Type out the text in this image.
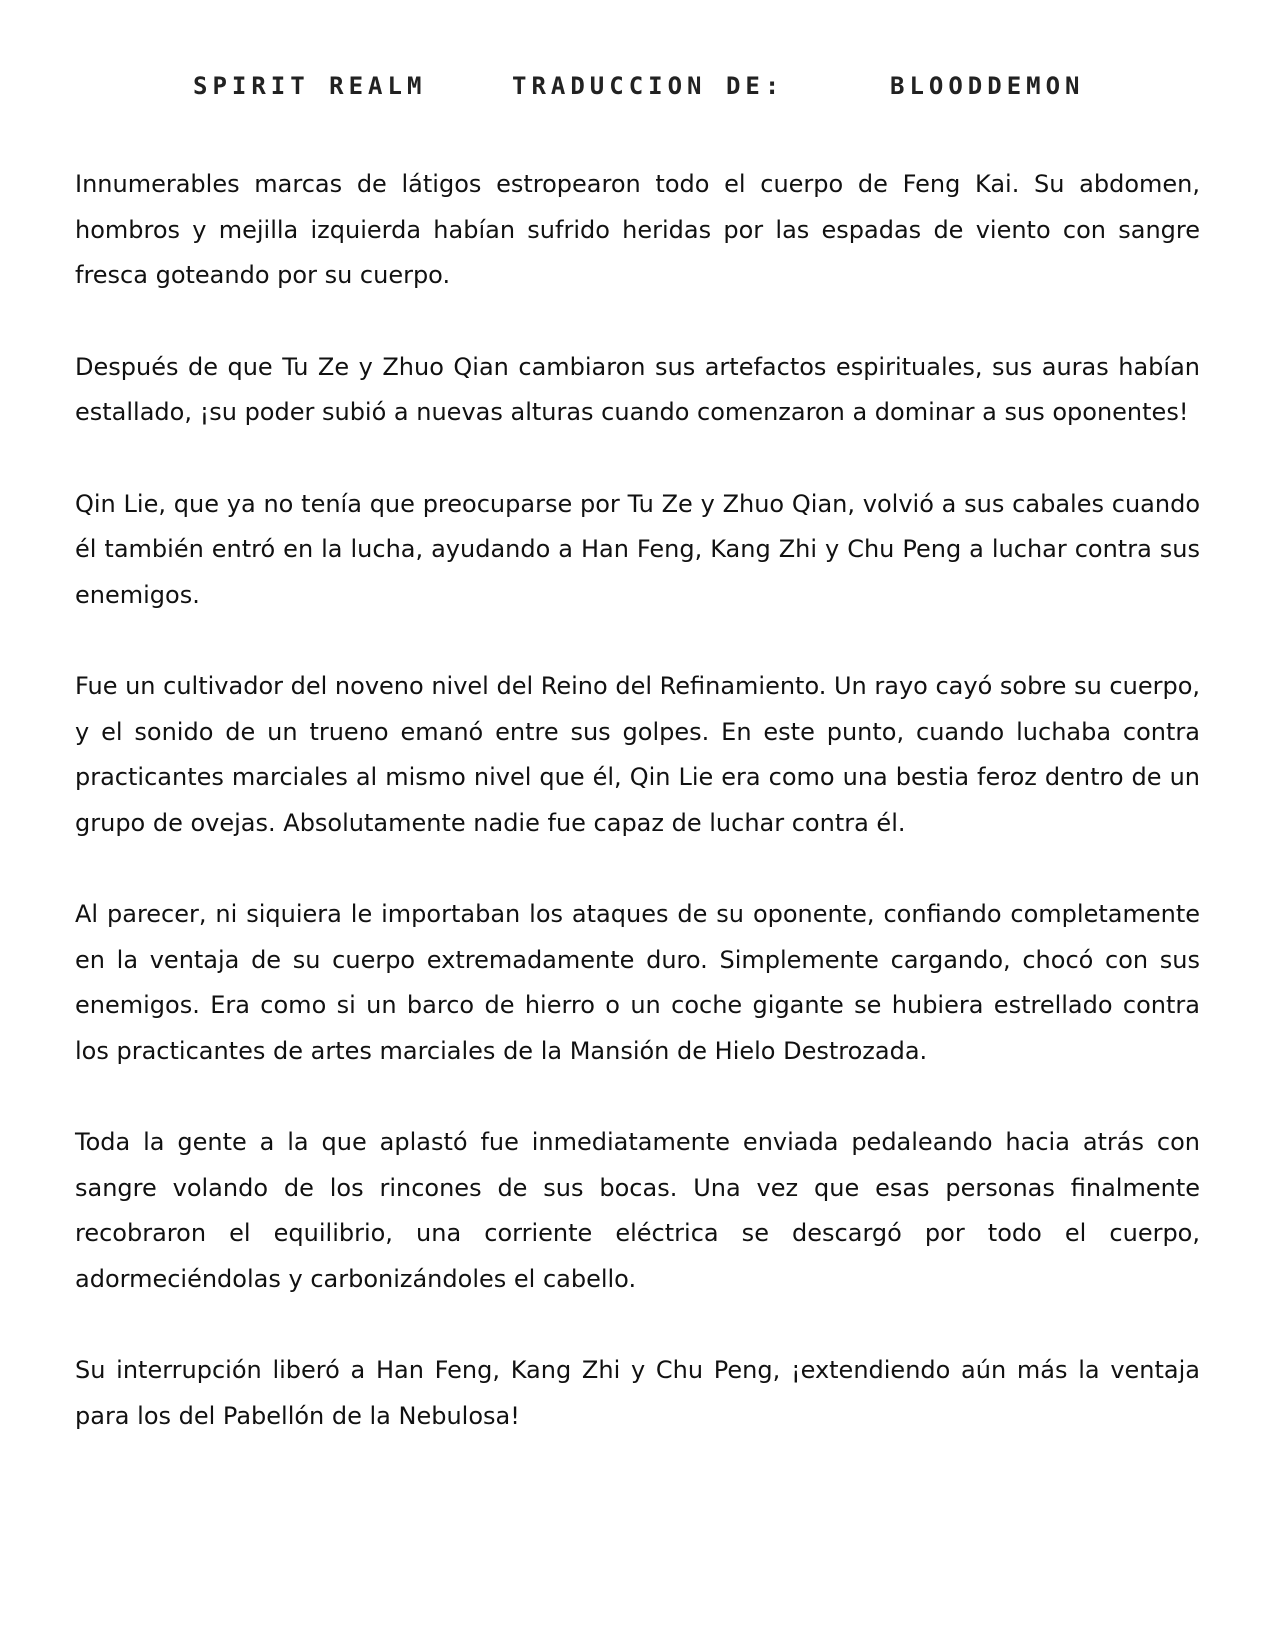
SPIRIT REALM	TRADUCCION DE:	BLOODDEMON

Innumerables marcas de látigos estropearon todo el cuerpo de Feng Kai. Su abdomen, hombros y mejilla izquierda habían sufrido heridas por las espadas de viento con sangre fresca goteando por su cuerpo.

Después de que Tu Ze y Zhuo Qian cambiaron sus artefactos espirituales, sus auras habían estallado, ¡su poder subió a nuevas alturas cuando comenzaron a dominar a sus oponentes!

Qin Lie, que ya no tenía que preocuparse por Tu Ze y Zhuo Qian, volvió a sus cabales cuando él también entró en la lucha, ayudando a Han Feng, Kang Zhi y Chu Peng a luchar contra sus enemigos.

Fue un cultivador del noveno nivel del Reino del Refinamiento. Un rayo cayó sobre su cuerpo, y el sonido de un trueno emanó entre sus golpes. En este punto, cuando luchaba contra practicantes marciales al mismo nivel que él, Qin Lie era como una bestia feroz dentro de un grupo de ovejas. Absolutamente nadie fue capaz de luchar contra él.

Al parecer, ni siquiera le importaban los ataques de su oponente, confiando completamente en la ventaja de su cuerpo extremadamente duro. Simplemente cargando, chocó con sus enemigos. Era como si un barco de hierro o un coche gigante se hubiera estrellado contra los practicantes de artes marciales de la Mansión de Hielo Destrozada.

Toda la gente a la que aplastó fue inmediatamente enviada pedaleando hacia atrás con sangre volando de los rincones de sus bocas. Una vez que esas personas finalmente recobraron el equilibrio, una corriente eléctrica se descargó por todo el cuerpo, adormeciéndolas y carbonizándoles el cabello.

Su interrupción liberó a Han Feng, Kang Zhi y Chu Peng, ¡extendiendo aún más la ventaja para los del Pabellón de la Nebulosa!
